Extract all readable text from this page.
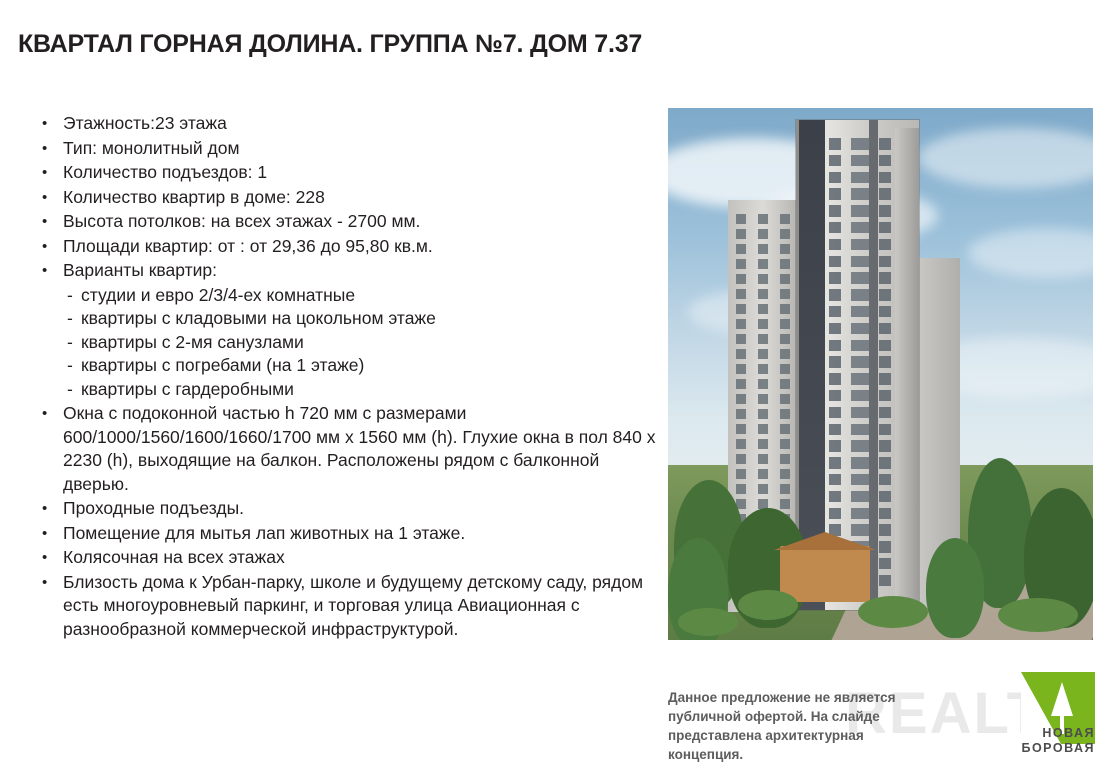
КВАРТАЛ ГОРНАЯ ДОЛИНА. ГРУППА №7. ДОМ 7.37
• Этажность:23 этажа
• Тип: монолитный дом
• Количество подъездов: 1
• Количество квартир в доме: 228
• Высота потолков: на всех этажах - 2700 мм.
• Площади квартир: от : от 29,36 до 95,80 кв.м.
• Варианты квартир:
- студии и евро 2/3/4-ех комнатные
- квартиры с кладовыми на цокольном этаже
- квартиры с 2-мя санузлами
- квартиры с погребами (на 1 этаже)
- квартиры с гардеробными
• Окна с подоконной частью h 720 мм с размерами 600/1000/1560/1600/1660/1700 мм х 1560 мм (h). Глухие окна в пол 840 х 2230 (h), выходящие на балкон. Расположены рядом с балконной дверью.
• Проходные подъезды.
• Помещение для мытья лап животных на 1 этаже.
• Колясочная на всех этажах
• Близость дома к Урбан-парку, школе и будущему детскому саду, рядом есть многоуровневый паркинг, и торговая улица Авиационная с разнообразной коммерческой инфраструктурой.
REALT
Данное предложение не является публичной офертой. На слайде представлена архитектурная концепция.
НОВАЯ
БОРОВАЯ
